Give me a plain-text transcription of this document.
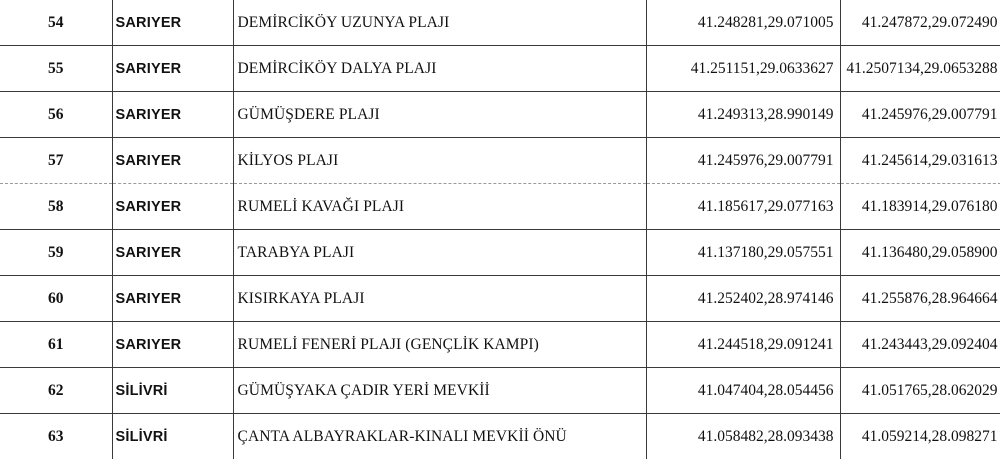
54	SARIYER	DEMİRCİKÖY UZUNYA PLAJI	41.248281,29.071005	41.247872,29.072490
55	SARIYER	DEMİRCİKÖY DALYA PLAJI	41.251151,29.0633627	41.2507134,29.0653288
56	SARIYER	GÜMÜŞDERE PLAJI	41.249313,28.990149	41.245976,29.007791
57	SARIYER	KİLYOS PLAJI	41.245976,29.007791	41.245614,29.031613
58	SARIYER	RUMELİ KAVAĞI PLAJI	41.185617,29.077163	41.183914,29.076180
59	SARIYER	TARABYA PLAJI	41.137180,29.057551	41.136480,29.058900
60	SARIYER	KISIRKAYA PLAJI	41.252402,28.974146	41.255876,28.964664
61	SARIYER	RUMELİ FENERİ PLAJI (GENÇLİK KAMPI)	41.244518,29.091241	41.243443,29.092404
62	SİLİVRİ	GÜMÜŞYAKA ÇADIR YERİ MEVKİİ	41.047404,28.054456	41.051765,28.062029
63	SİLİVRİ	ÇANTA ALBAYRAKLAR-KINALI MEVKİİ ÖNÜ	41.058482,28.093438	41.059214,28.098271
